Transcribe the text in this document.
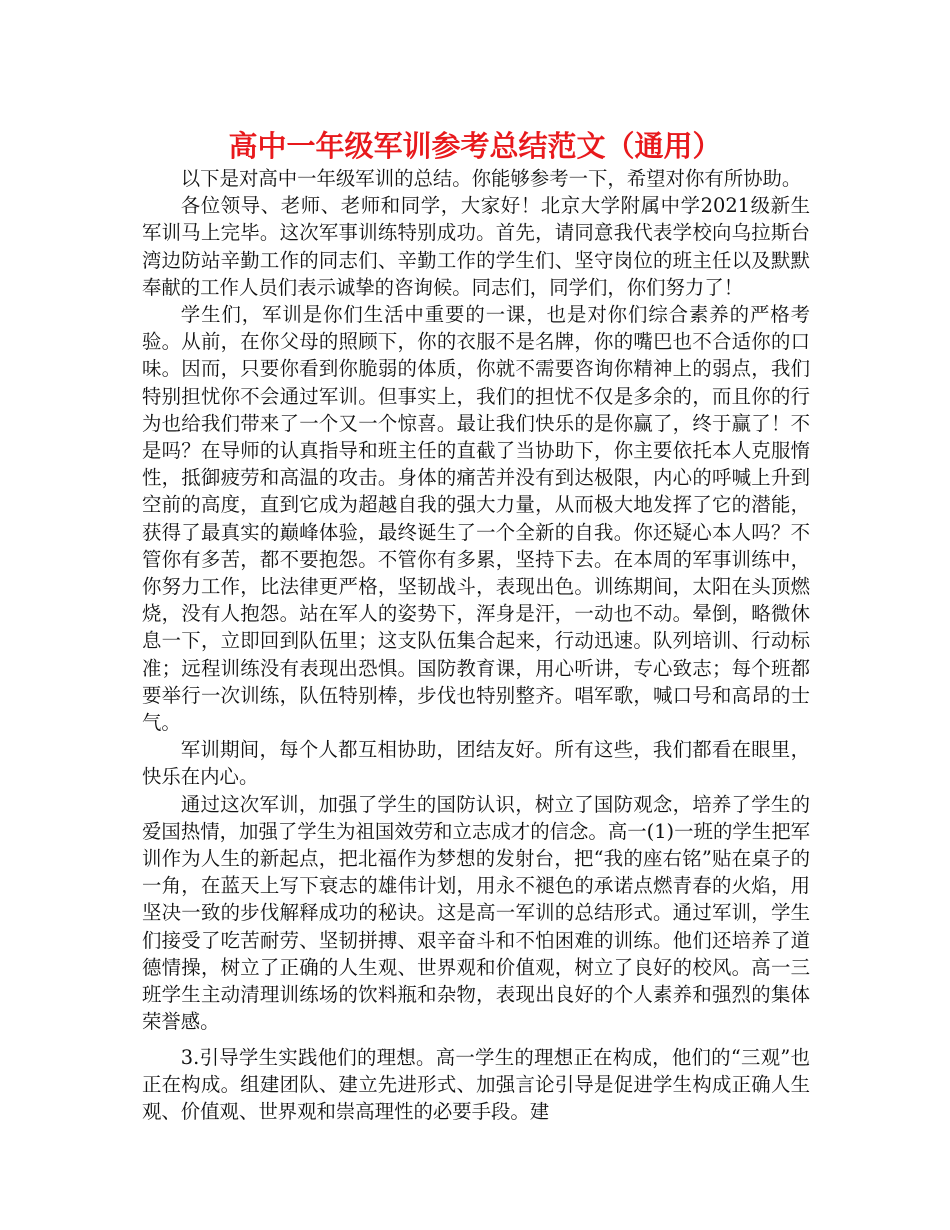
高中一年级军训参考总结范文（通用）

以下是对高中一年级军训的总结。你能够参考一下，希望对你有所协助。

各位领导、老师、老师和同学，大家好！北京大学附属中学2021级新生军训马上完毕。这次军事训练特别成功。首先，请同意我代表学校向乌拉斯台湾边防站辛勤工作的同志们、辛勤工作的学生们、坚守岗位的班主任以及默默奉献的工作人员们表示诚挚的咨询候。同志们，同学们，你们努力了！

学生们，军训是你们生活中重要的一课，也是对你们综合素养的严格考验。从前，在你父母的照顾下，你的衣服不是名牌，你的嘴巴也不合适你的口味。因而，只要你看到你脆弱的体质，你就不需要咨询你精神上的弱点，我们特别担忧你不会通过军训。但事实上，我们的担忧不仅是多余的，而且你的行为也给我们带来了一个又一个惊喜。最让我们快乐的是你赢了，终于赢了！不是吗？在导师的认真指导和班主任的直截了当协助下，你主要依托本人克服惰性，抵御疲劳和高温的攻击。身体的痛苦并没有到达极限，内心的呼喊上升到空前的高度，直到它成为超越自我的强大力量，从而极大地发挥了它的潜能，获得了最真实的巅峰体验，最终诞生了一个全新的自我。你还疑心本人吗？不管你有多苦，都不要抱怨。不管你有多累，坚持下去。在本周的军事训练中，你努力工作，比法律更严格，坚韧战斗，表现出色。训练期间，太阳在头顶燃烧，没有人抱怨。站在军人的姿势下，浑身是汗，一动也不动。晕倒，略微休息一下，立即回到队伍里；这支队伍集合起来，行动迅速。队列培训、行动标准；远程训练没有表现出恐惧。国防教育课，用心听讲，专心致志；每个班都要举行一次训练，队伍特别棒，步伐也特别整齐。唱军歌，喊口号和高昂的士气。

军训期间，每个人都互相协助，团结友好。所有这些，我们都看在眼里，快乐在内心。

通过这次军训，加强了学生的国防认识，树立了国防观念，培养了学生的爱国热情，加强了学生为祖国效劳和立志成才的信念。高一(1)一班的学生把军训作为人生的新起点，把北福作为梦想的发射台，把“我的座右铭”贴在桌子的一角，在蓝天上写下衰志的雄伟计划，用永不褪色的承诺点燃青春的火焰，用坚决一致的步伐解释成功的秘诀。这是高一军训的总结形式。通过军训，学生们接受了吃苦耐劳、坚韧拼搏、艰辛奋斗和不怕困难的训练。他们还培养了道德情操，树立了正确的人生观、世界观和价值观，树立了良好的校风。高一三班学生主动清理训练场的饮料瓶和杂物，表现出良好的个人素养和强烈的集体荣誉感。

3.引导学生实践他们的理想。高一学生的理想正在构成，他们的“三观”也正在构成。组建团队、建立先进形式、加强言论引导是促进学生构成正确人生观、价值观、世界观和崇高理性的必要手段。建
